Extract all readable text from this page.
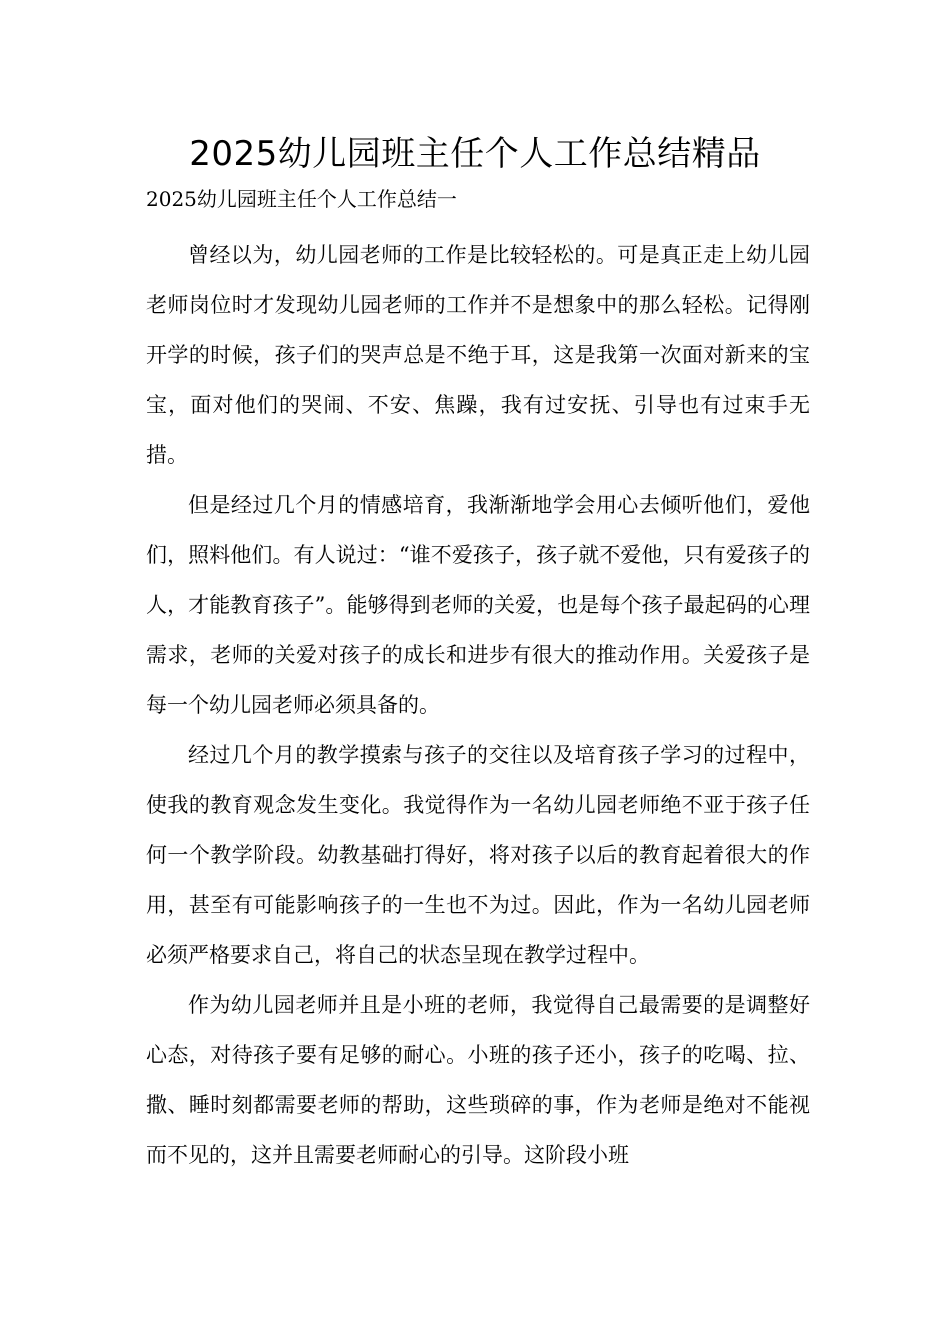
2025幼儿园班主任个人工作总结精品

2025幼儿园班主任个人工作总结一

曾经以为，幼儿园老师的工作是比较轻松的。可是真正走上幼儿园老师岗位时才发现幼儿园老师的工作并不是想象中的那么轻松。记得刚开学的时候，孩子们的哭声总是不绝于耳，这是我第一次面对新来的宝宝，面对他们的哭闹、不安、焦躁，我有过安抚、引导也有过束手无措。

但是经过几个月的情感培育，我渐渐地学会用心去倾听他们，爱他们，照料他们。有人说过：“谁不爱孩子，孩子就不爱他，只有爱孩子的人，才能教育孩子”。能够得到老师的关爱，也是每个孩子最起码的心理需求，老师的关爱对孩子的成长和进步有很大的推动作用。关爱孩子是每一个幼儿园老师必须具备的。

经过几个月的教学摸索与孩子的交往以及培育孩子学习的过程中，使我的教育观念发生变化。我觉得作为一名幼儿园老师绝不亚于孩子任何一个教学阶段。幼教基础打得好，将对孩子以后的教育起着很大的作用，甚至有可能影响孩子的一生也不为过。因此，作为一名幼儿园老师必须严格要求自己，将自己的状态呈现在教学过程中。

作为幼儿园老师并且是小班的老师，我觉得自己最需要的是调整好心态，对待孩子要有足够的耐心。小班的孩子还小，孩子的吃喝、拉、撒、睡时刻都需要老师的帮助，这些琐碎的事，作为老师是绝对不能视而不见的，这并且需要老师耐心的引导。这阶段小班
